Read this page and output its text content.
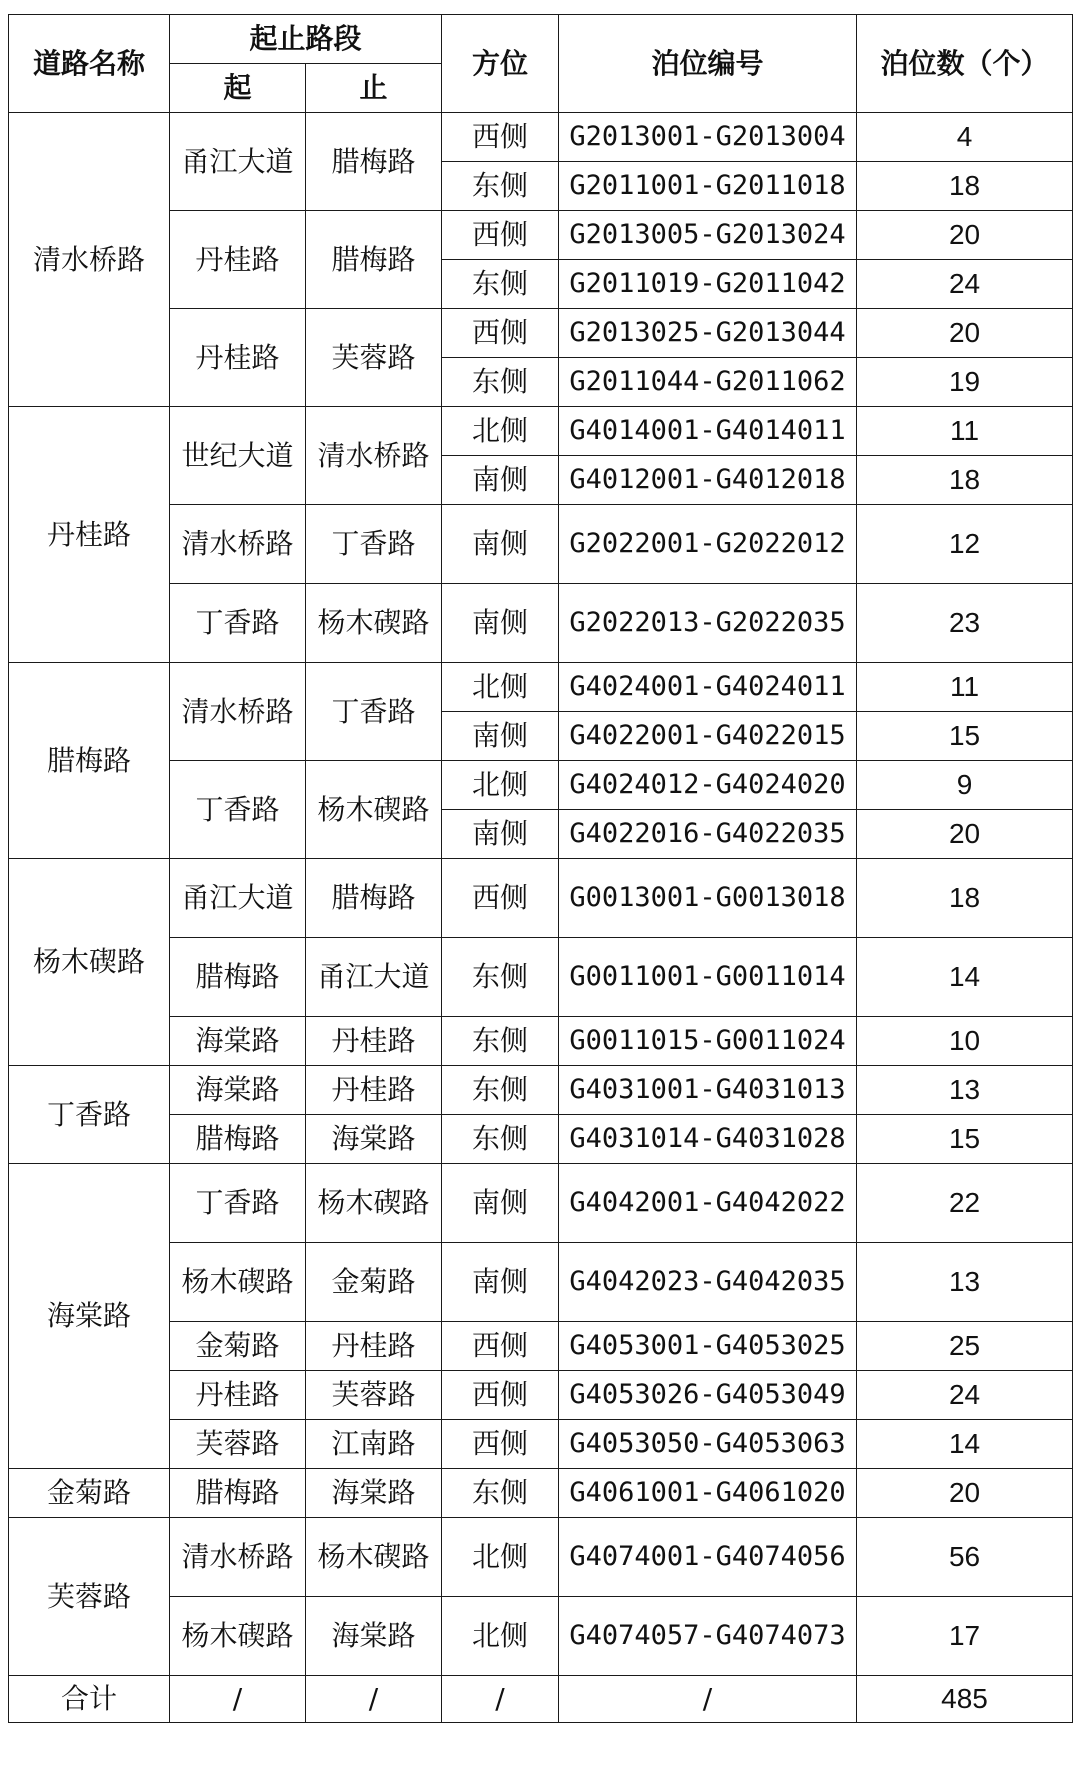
道路名称	起止路段		方位	泊位编号	泊位数（个）
	起	止			
清水桥路	甬江大道	腊梅路	西侧	G2013001-G2013004	4
			东侧	G2011001-G2011018	18
	丹桂路	腊梅路	西侧	G2013005-G2013024	20
			东侧	G2011019-G2011042	24
	丹桂路	芙蓉路	西侧	G2013025-G2013044	20
			东侧	G2011044-G2011062	19
丹桂路	世纪大道	清水桥路	北侧	G4014001-G4014011	11
			南侧	G4012001-G4012018	18
	清水桥路	丁香路	南侧	G2022001-G2022012	12
	丁香路	杨木碶路	南侧	G2022013-G2022035	23
腊梅路	清水桥路	丁香路	北侧	G4024001-G4024011	11
			南侧	G4022001-G4022015	15
	丁香路	杨木碶路	北侧	G4024012-G4024020	9
			南侧	G4022016-G4022035	20
杨木碶路	甬江大道	腊梅路	西侧	G0013001-G0013018	18
	腊梅路	甬江大道	东侧	G0011001-G0011014	14
	海棠路	丹桂路	东侧	G0011015-G0011024	10
丁香路	海棠路	丹桂路	东侧	G4031001-G4031013	13
	腊梅路	海棠路	东侧	G4031014-G4031028	15
海棠路	丁香路	杨木碶路	南侧	G4042001-G4042022	22
	杨木碶路	金菊路	南侧	G4042023-G4042035	13
	金菊路	丹桂路	西侧	G4053001-G4053025	25
	丹桂路	芙蓉路	西侧	G4053026-G4053049	24
	芙蓉路	江南路	西侧	G4053050-G4053063	14
金菊路	腊梅路	海棠路	东侧	G4061001-G4061020	20
芙蓉路	清水桥路	杨木碶路	北侧	G4074001-G4074056	56
	杨木碶路	海棠路	北侧	G4074057-G4074073	17
合计	/	/	/	/	485
